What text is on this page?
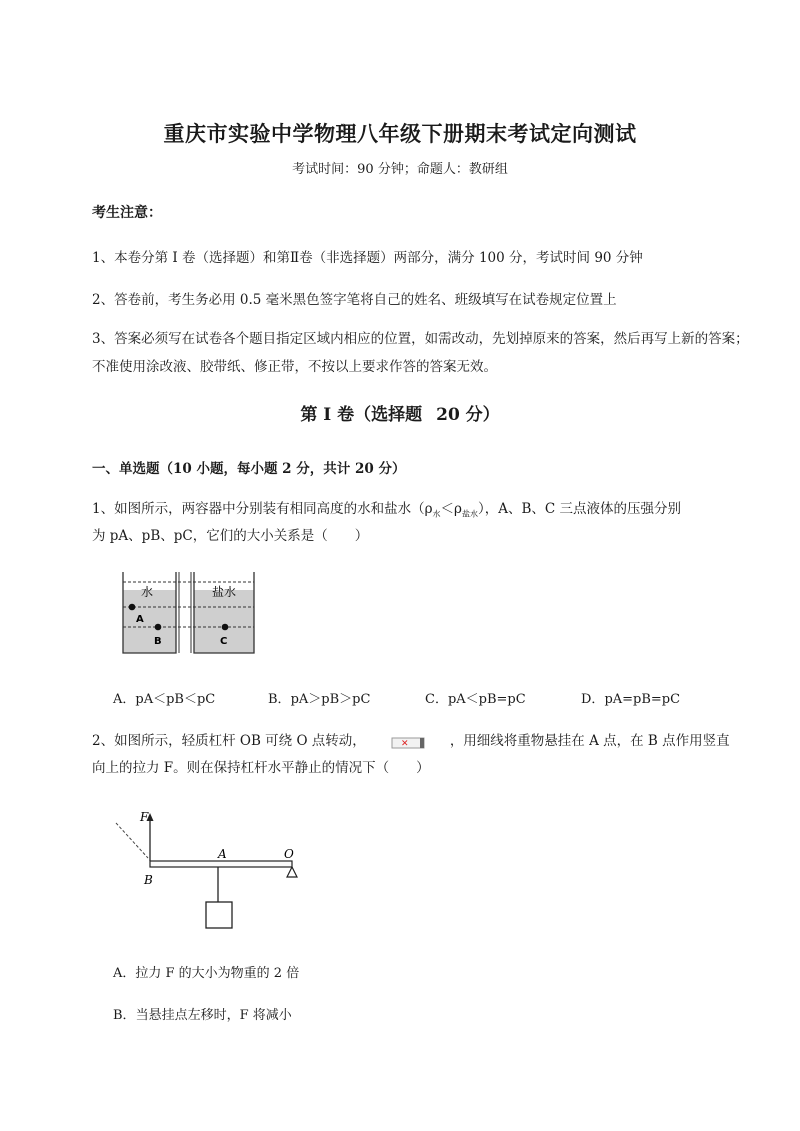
重庆市实验中学物理八年级下册期末考试定向测试
考试时间：90 分钟；命题人：教研组
考生注意：
1、本卷分第 I 卷（选择题）和第Ⅱ卷（非选择题）两部分，满分 100 分，考试时间 90 分钟
2、答卷前，考生务必用 0.5 毫米黑色签字笔将自己的姓名、班级填写在试卷规定位置上
3、答案必须写在试卷各个题目指定区域内相应的位置，如需改动，先划掉原来的答案，然后再写上新的答案；不准使用涂改液、胶带纸、修正带，不按以上要求作答的答案无效。
第 I 卷（选择题 20 分）
一、单选题（10 小题，每小题 2 分，共计 20 分）
1、如图所示，两容器中分别装有相同高度的水和盐水$(\rho_水<\rho_{盐水})$，A、B、C 三点液体的压强分别
为 pA、pB、pC，它们的大小关系是（　　）
水	盐水
A
B	C
A．pA＜pB＜pC	B．pA＞pB＞pC	C．pA＜pB=pC	D．pA=pB=pC
2、如图所示，轻质杠杆 OB 可绕 O 点转动，	✕	，用细线将重物悬挂在 A 点，在 B 点作用竖直
向上的拉力 F。则在保持杠杆水平静止的情况下（　　）
F
A	O
B
A．拉力 F 的大小为物重的 2 倍
B．当悬挂点左移时，F 将减小
